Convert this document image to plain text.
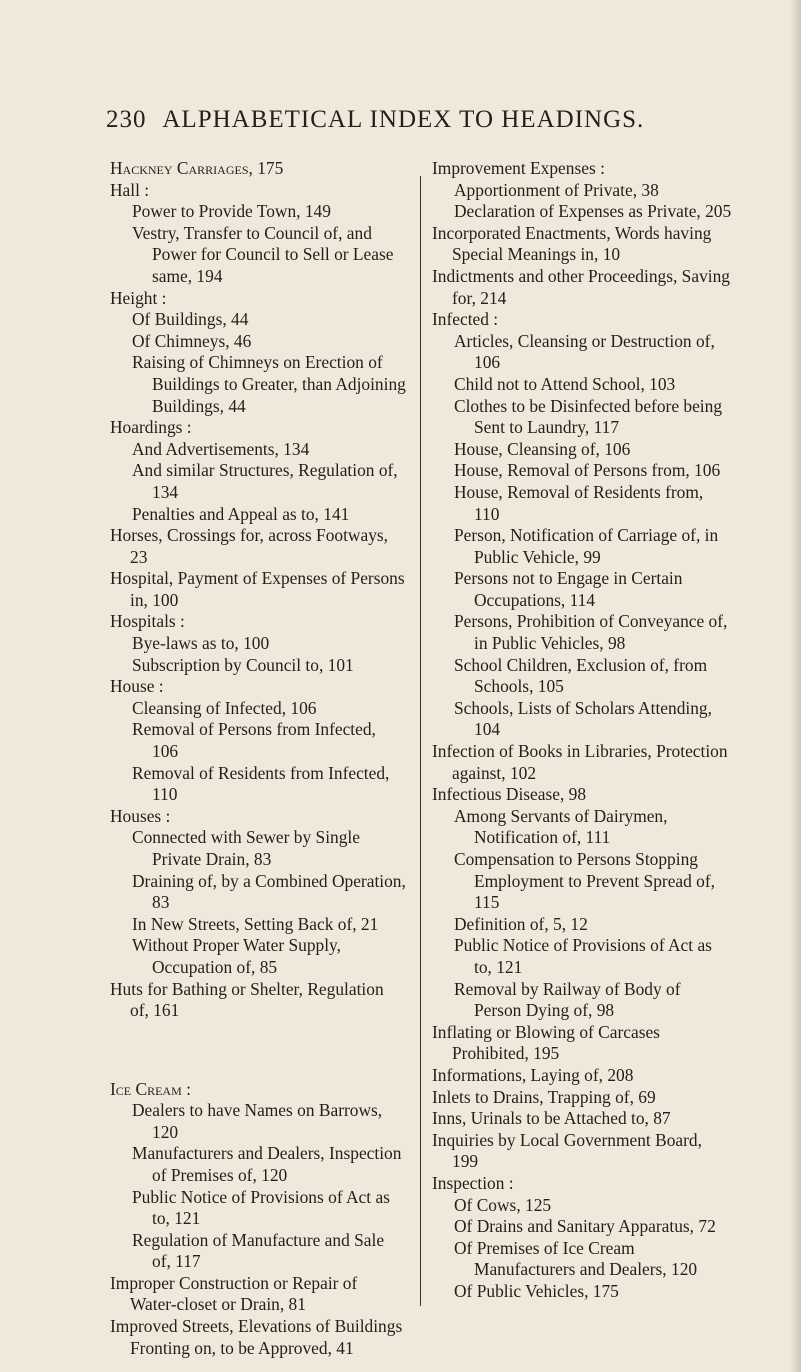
230 ALPHABETICAL INDEX TO HEADINGS.

Hackney Carriages, 175

Hall :

Power to Provide Town, 149

Vestry, Transfer to Council of, and Power for Council to Sell or Lease same, 194

Height :

Of Buildings, 44

Of Chimneys, 46

Raising of Chimneys on Erection of Buildings to Greater, than Adjoining Buildings, 44

Hoardings :

And Advertisements, 134

And similar Structures, Regulation of, 134

Penalties and Appeal as to, 141

Horses, Crossings for, across Footways, 23

Hospital, Payment of Expenses of Persons in, 100

Hospitals :

Bye-laws as to, 100

Subscription by Council to, 101

House :

Cleansing of Infected, 106

Removal of Persons from Infected, 106

Removal of Residents from Infected, 110

Houses :

Connected with Sewer by Single Private Drain, 83

Draining of, by a Combined Operation, 83

In New Streets, Setting Back of, 21

Without Proper Water Supply, Occupation of, 85

Huts for Bathing or Shelter, Regulation of, 161

Ice Cream :

Dealers to have Names on Barrows, 120

Manufacturers and Dealers, Inspection of Premises of, 120

Public Notice of Provisions of Act as to, 121

Regulation of Manufacture and Sale of, 117

Improper Construction or Repair of Water-closet or Drain, 81

Improved Streets, Elevations of Buildings Fronting on, to be Approved, 41

Improvement Expenses :

Apportionment of Private, 38

Declaration of Expenses as Private, 205

Incorporated Enactments, Words having Special Meanings in, 10

Indictments and other Proceedings, Saving for, 214

Infected :

Articles, Cleansing or Destruction of, 106

Child not to Attend School, 103

Clothes to be Disinfected before being Sent to Laundry, 117

House, Cleansing of, 106

House, Removal of Persons from, 106

House, Removal of Residents from, 110

Person, Notification of Carriage of, in Public Vehicle, 99

Persons not to Engage in Certain Occupations, 114

Persons, Prohibition of Conveyance of, in Public Vehicles, 98

School Children, Exclusion of, from Schools, 105

Schools, Lists of Scholars Attending, 104

Infection of Books in Libraries, Protection against, 102

Infectious Disease, 98

Among Servants of Dairymen, Notification of, 111

Compensation to Persons Stopping Employment to Prevent Spread of, 115

Definition of, 5, 12

Public Notice of Provisions of Act as to, 121

Removal by Railway of Body of Person Dying of, 98

Inflating or Blowing of Carcases Prohibited, 195

Informations, Laying of, 208

Inlets to Drains, Trapping of, 69

Inns, Urinals to be Attached to, 87

Inquiries by Local Government Board, 199

Inspection :

Of Cows, 125

Of Drains and Sanitary Apparatus, 72

Of Premises of Ice Cream Manufacturers and Dealers, 120

Of Public Vehicles, 175
